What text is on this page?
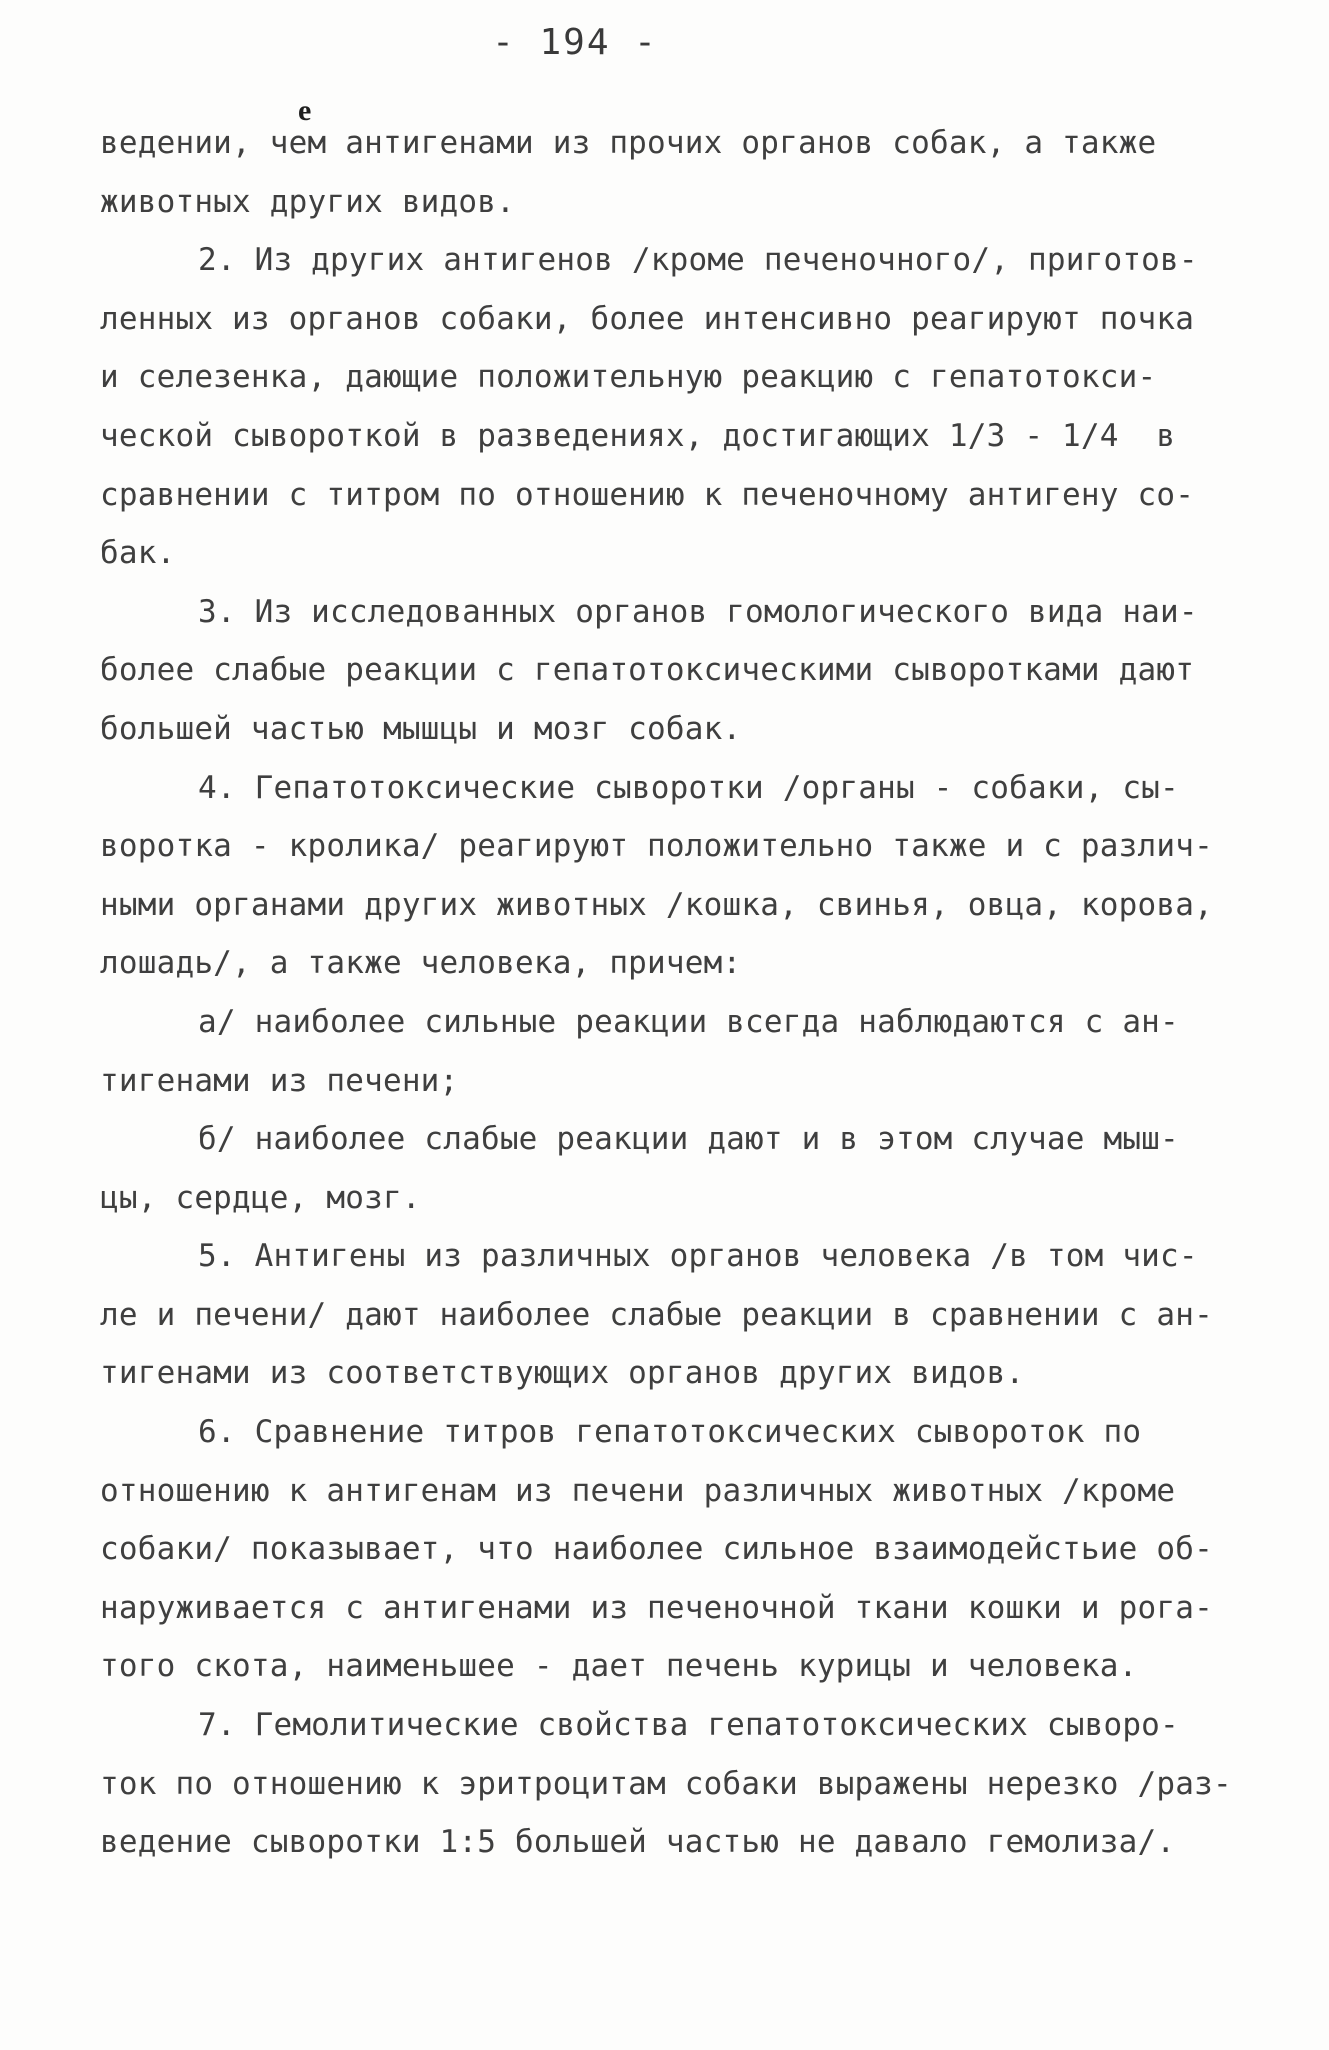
- 194 -
е
ведении, чем антигенами из прочих органов собак, а также
животных других видов.
2. Из других антигенов /кроме печеночного/, приготов-
ленных из органов собаки, более интенсивно реагируют почка
и селезенка, дающие положительную реакцию с гепатотокси-
ческой сывороткой в разведениях, достигающих 1/3 - 1/4  в
сравнении с титром по отношению к печеночному антигену со-
бак.
3. Из исследованных органов гомологического вида наи-
более слабые реакции с гепатотоксическими сыворотками дают
большей частью мышцы и мозг собак.
4. Гепатотоксические сыворотки /органы - собаки, сы-
воротка - кролика/ реагируют положительно также и с различ-
ными органами других животных /кошка, свинья, овца, корова,
лошадь/, а также человека, причем:
а/ наиболее сильные реакции всегда наблюдаются с ан-
тигенами из печени;
б/ наиболее слабые реакции дают и в этом случае мыш-
цы, сердце, мозг.
5. Антигены из различных органов человека /в том чис-
ле и печени/ дают наиболее слабые реакции в сравнении с ан-
тигенами из соответствующих органов других видов.
6. Сравнение титров гепатотоксических сывороток по
отношению к антигенам из печени различных животных /кроме
собаки/ показывает, что наиболее сильное взаимодейстьие об-
наруживается с антигенами из печеночной ткани кошки и рога-
того скота, наименьшее - дает печень курицы и человека.
7. Гемолитические свойства гепатотоксических сыворо-
ток по отношению к эритроцитам собаки выражены нерезко /раз-
ведение сыворотки 1:5 большей частью не давало гемолиза/.
